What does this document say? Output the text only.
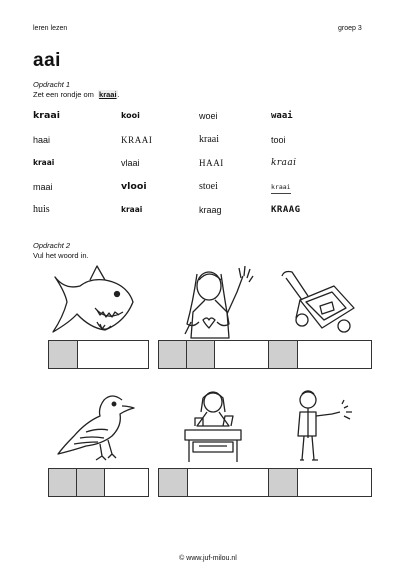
leren lezen	groep 3
aai
Opdracht 1
Zet een rondje om kraai.
kraai	kooi	woei	waai
haai	KRAAI	kraai	tooi
kraai	vlaai	HAAI	kraai
maai	vlooi	stoei	kraai
huis	kraai	kraag	KRAAG
Opdracht 2
Vul het woord in.
© www.juf-milou.nl
